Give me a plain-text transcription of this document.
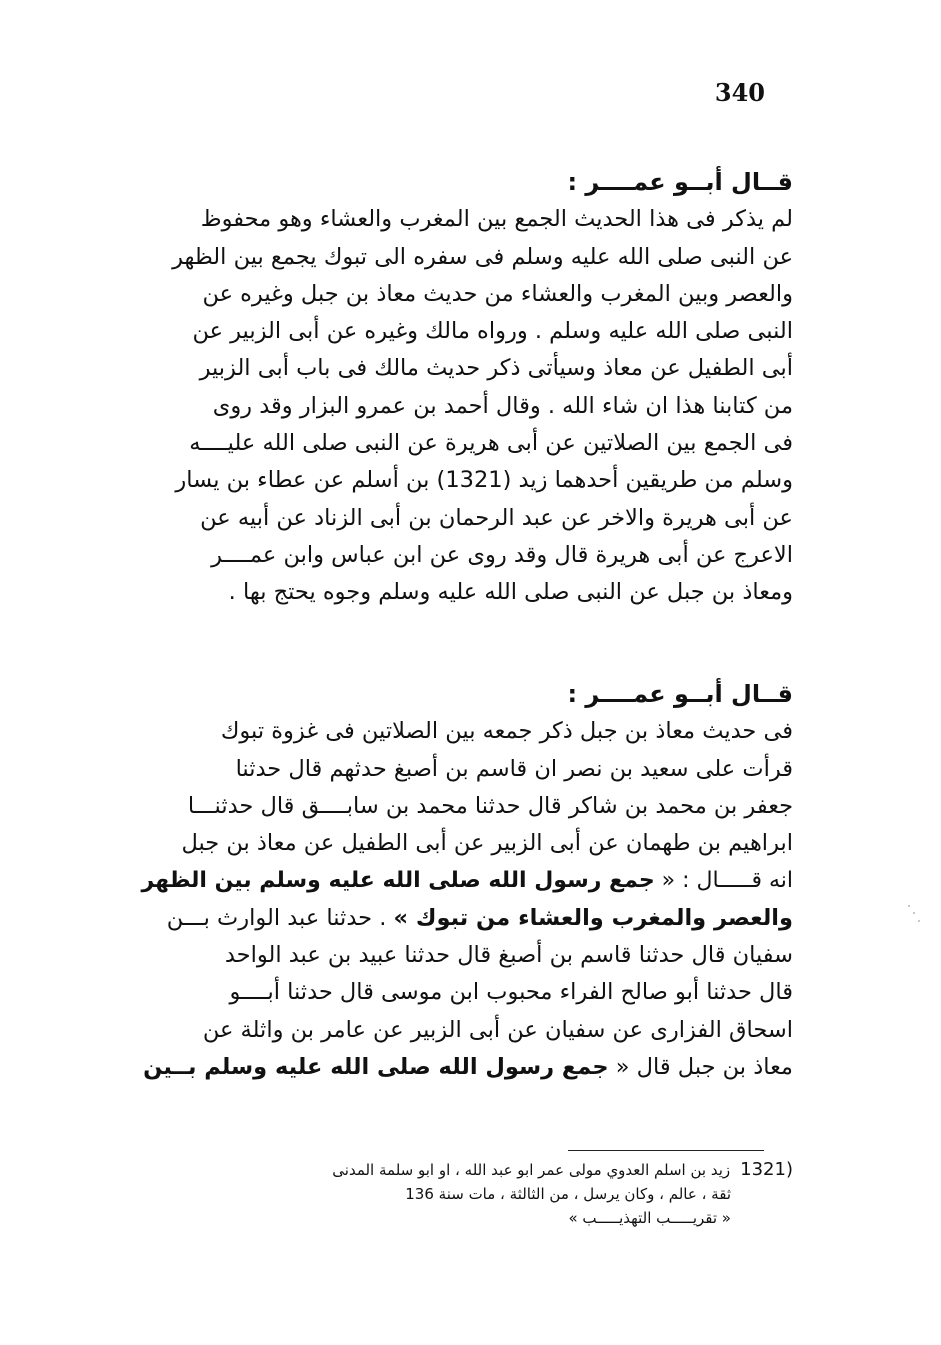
340
قــال أبــو عمــــر :
لم يذكر فى هذا الحديث الجمع بين المغرب والعشاء وهو محفوظ
عن النبى صلى الله عليه وسلم فى سفره الى تبوك يجمع بين الظهر
والعصر وبين المغرب والعشاء من حديث معاذ بن جبل وغيره عن
النبى صلى الله عليه وسلم . ورواه مالك وغيره عن أبى الزبير عن
أبى الطفيل عن معاذ وسيأتى ذكر حديث مالك فى باب أبى الزبير
من كتابنا هذا ان شاء الله . وقال أحمد بن عمرو البزار وقد روى
فى الجمع بين الصلاتين عن أبى هريرة عن النبى صلى الله عليــــه
وسلم من طريقين أحدهما زيد (1321) بن أسلم عن عطاء بن يسار
عن أبى هريرة والاخر عن عبد الرحمان بن أبى الزناد عن أبيه عن
الاعرج عن أبى هريرة قال وقد روى عن ابن عباس وابن عمــــر
ومعاذ بن جبل عن النبى صلى الله عليه وسلم وجوه يحتج بها .
قــال أبــو عمــــر :
فى حديث معاذ بن جبل ذكر جمعه بين الصلاتين فى غزوة تبوك
قرأت على سعيد بن نصر ان قاسم بن أصبغ حدثهم قال حدثنا
جعفر بن محمد بن شاكر قال حدثنا محمد بن سابــــق قال حدثنـــا
ابراهيم بن طهمان عن أبى الزبير عن أبى الطفيل عن معاذ بن جبل
انه قـــــال : « جمع رسول الله صلى الله عليه وسلم بين الظهر
والعصر والمغرب والعشاء من تبوك » . حدثنا عبد الوارث بـــن
سفيان قال حدثنا قاسم بن أصبغ قال حدثنا عبيد بن عبد الواحد
قال حدثنا أبو صالح الفراء محبوب ابن موسى قال حدثنا أبــــو
اسحاق الفزارى عن سفيان عن أبى الزبير عن عامر بن واثلة عن
معاذ بن جبل قال « جمع رسول الله صلى الله عليه وسلم بــين
(1321زيد بن اسلم العدوي مولى عمر ابو عبد الله ، او ابو سلمة المدنى
ثقة ، عالم ، وكان يرسل ، من الثالثة ، مات سنة 136
« تقريـــــب التهذيـــــب »
